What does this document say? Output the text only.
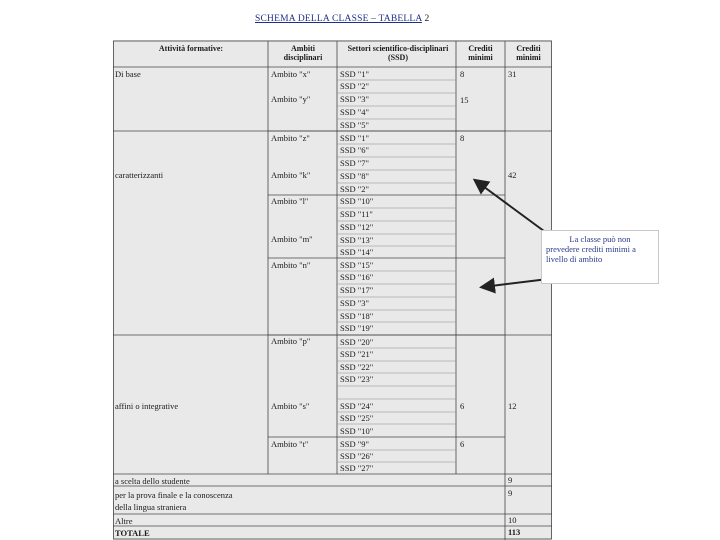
SCHEMA DELLA CLASSE – TABELLA 2
Attività formative:	Ambiti disciplinari
Settori scientifico-disciplinari (SSD)
Crediti minimi
Crediti minimi
Di base
caratterizzanti
affini o integrative
a scelta dello studente
per la prova finale e la conoscenza
della lingua straniera
Altre
TOTALE
Ambito "x"
Ambito "y"
Ambito "z"
Ambito "k"
Ambito "l"
Ambito "m"
Ambito "n"
Ambito "p"
Ambito "s"
Ambito "t"
SSD "1"
SSD "2"
SSD "3"
SSD "4"
SSD "5"
SSD "1"
SSD "6"
SSD "7"
SSD "8"
SSD "2"
SSD "10"
SSD "11"
SSD "12"
SSD "13"
SSD "14"
SSD "15"
SSD "16"
SSD "17"
SSD "3"
SSD "18"
SSD "19"
SSD "20"
SSD "21"
SSD "22"
SSD "23"
SSD "24"
SSD "25"
SSD "10"
SSD "9"
SSD "26"
SSD "27"
8
15
8
6
6
31
42
12
9
9
10
113
La classe può non
prevedere crediti minimi a
livello di ambito
